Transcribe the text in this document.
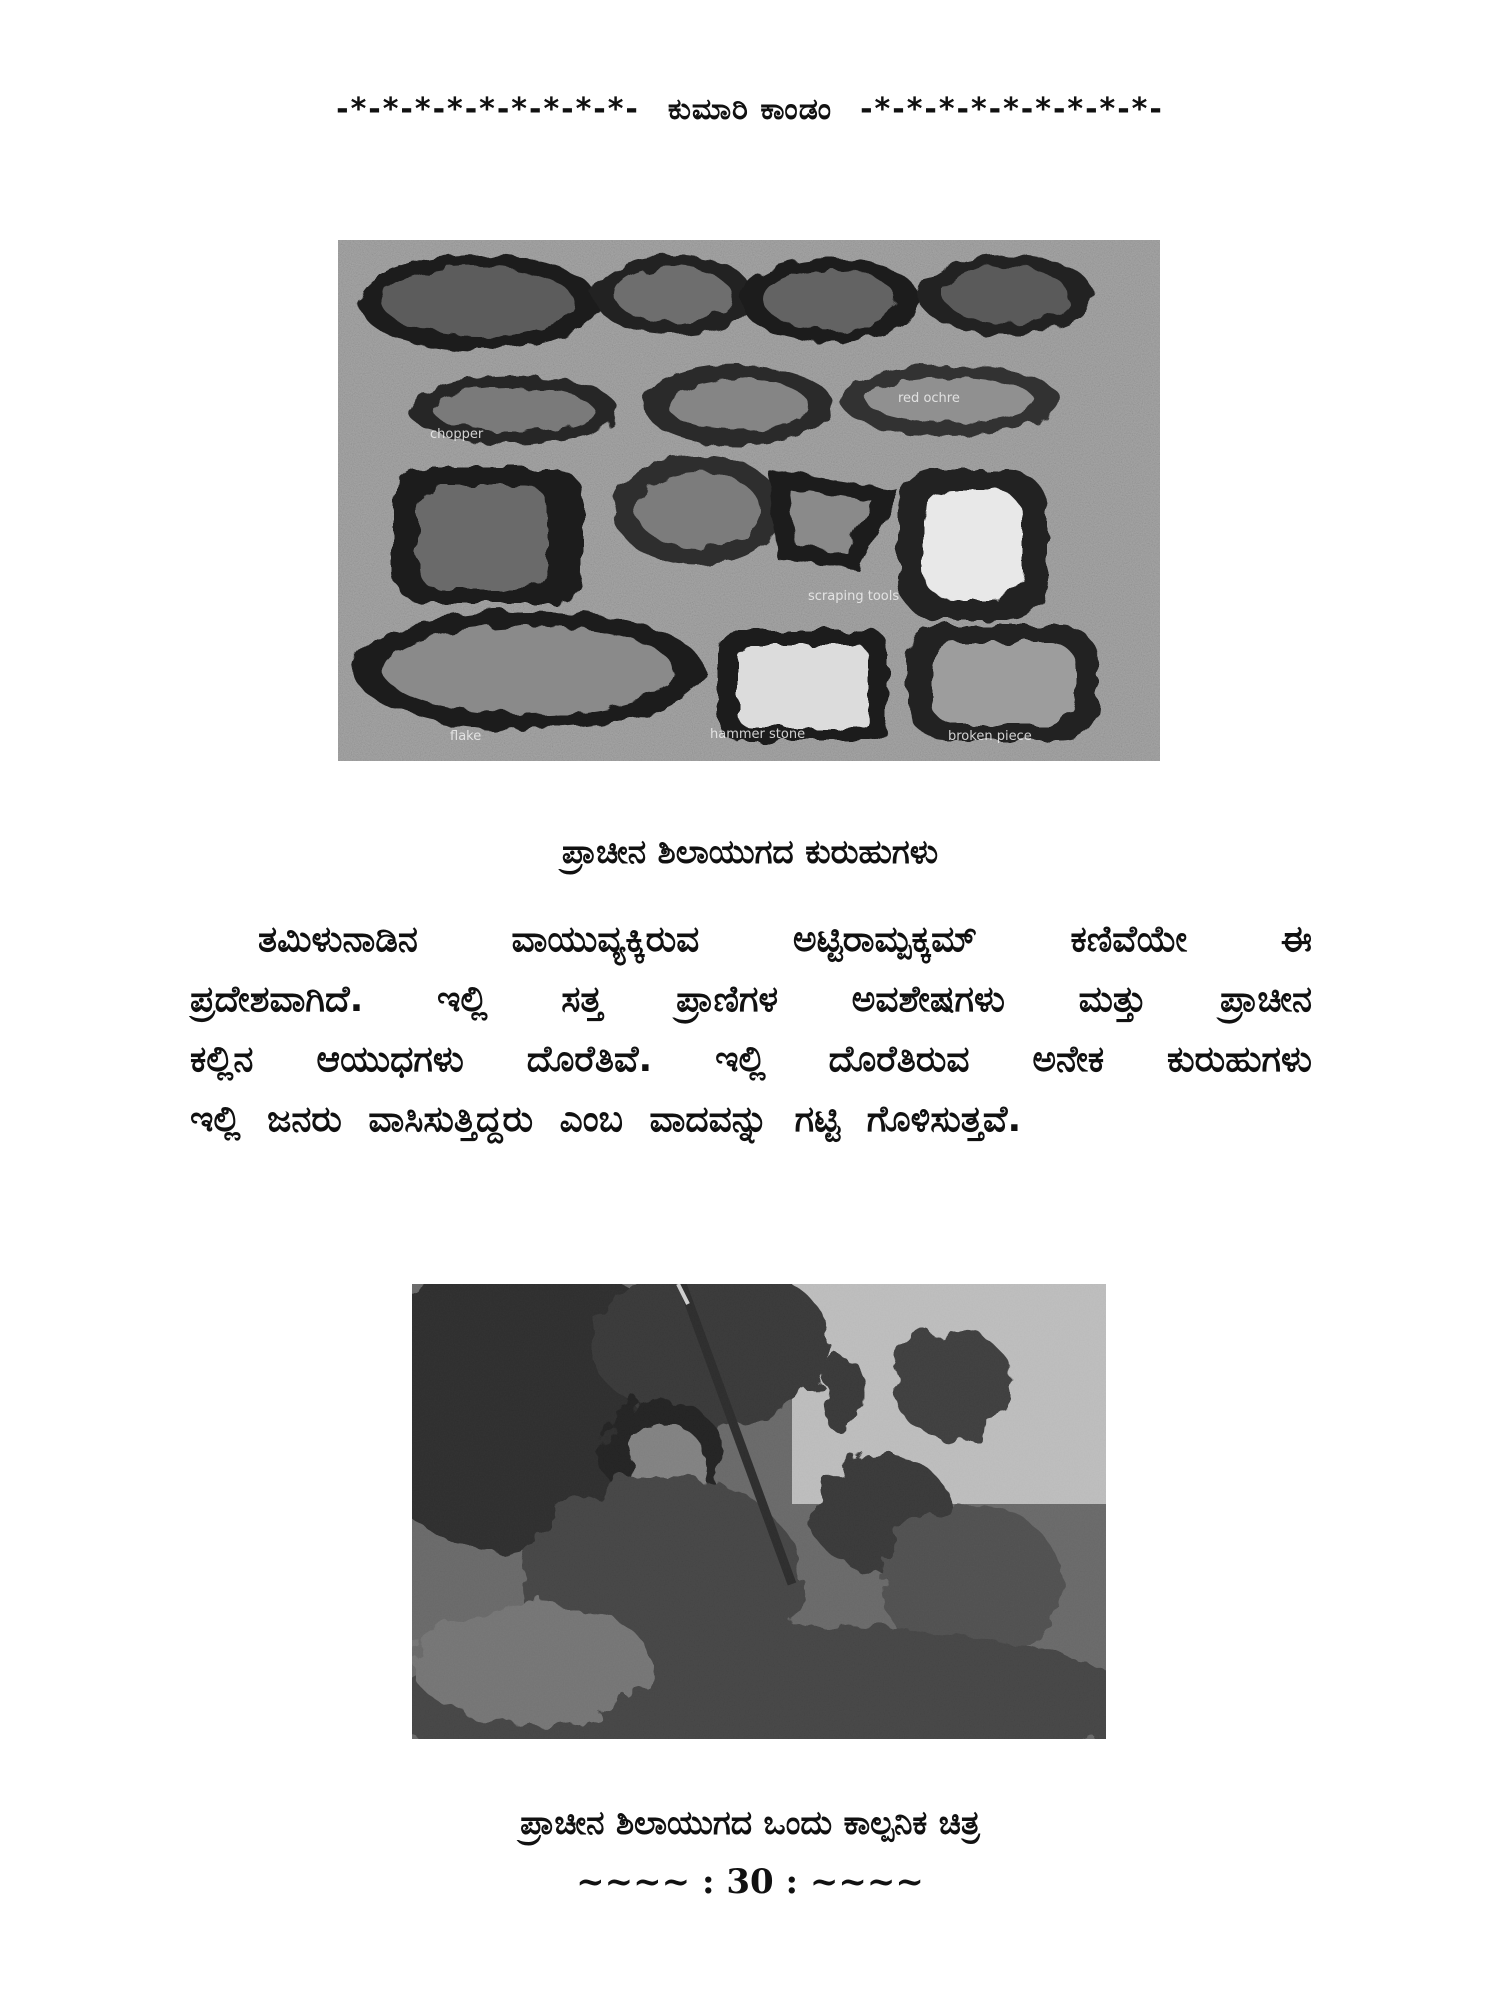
-*-*-*-*-*-*-*-*-*- ಕುಮಾರಿ ಕಾಂಡಂ -*-*-*-*-*-*-*-*-*-
chopper
flake	broken piece
red ochre
scraping tools
hammer stone
ಪ್ರಾಚೀನ ಶಿಲಾಯುಗದ ಕುರುಹುಗಳು
ತಮಿಳುನಾಡಿನ ವಾಯುವ್ಯಕ್ಕಿರುವ ಅಟ್ಟಿರಾಮ್ಪಕ್ಕಮ್ ಕಣಿವೆಯೇ ಈ
ಪ್ರದೇಶವಾಗಿದೆ. ಇಲ್ಲಿ ಸತ್ತ ಪ್ರಾಣಿಗಳ ಅವಶೇಷಗಳು ಮತ್ತು ಪ್ರಾಚೀನ
ಕಲ್ಲಿನ ಆಯುಧಗಳು ದೊರೆತಿವೆ. ಇಲ್ಲಿ ದೊರೆತಿರುವ ಅನೇಕ ಕುರುಹುಗಳು
ಇಲ್ಲಿ ಜನರು ವಾಸಿಸುತ್ತಿದ್ದರು ಎಂಬ ವಾದವನ್ನು ಗಟ್ಟಿ ಗೊಳಿಸುತ್ತವೆ.
ಪ್ರಾಚೀನ ಶಿಲಾಯುಗದ ಒಂದು ಕಾಲ್ಪನಿಕ ಚಿತ್ರ
~~~~ : 30 : ~~~~
